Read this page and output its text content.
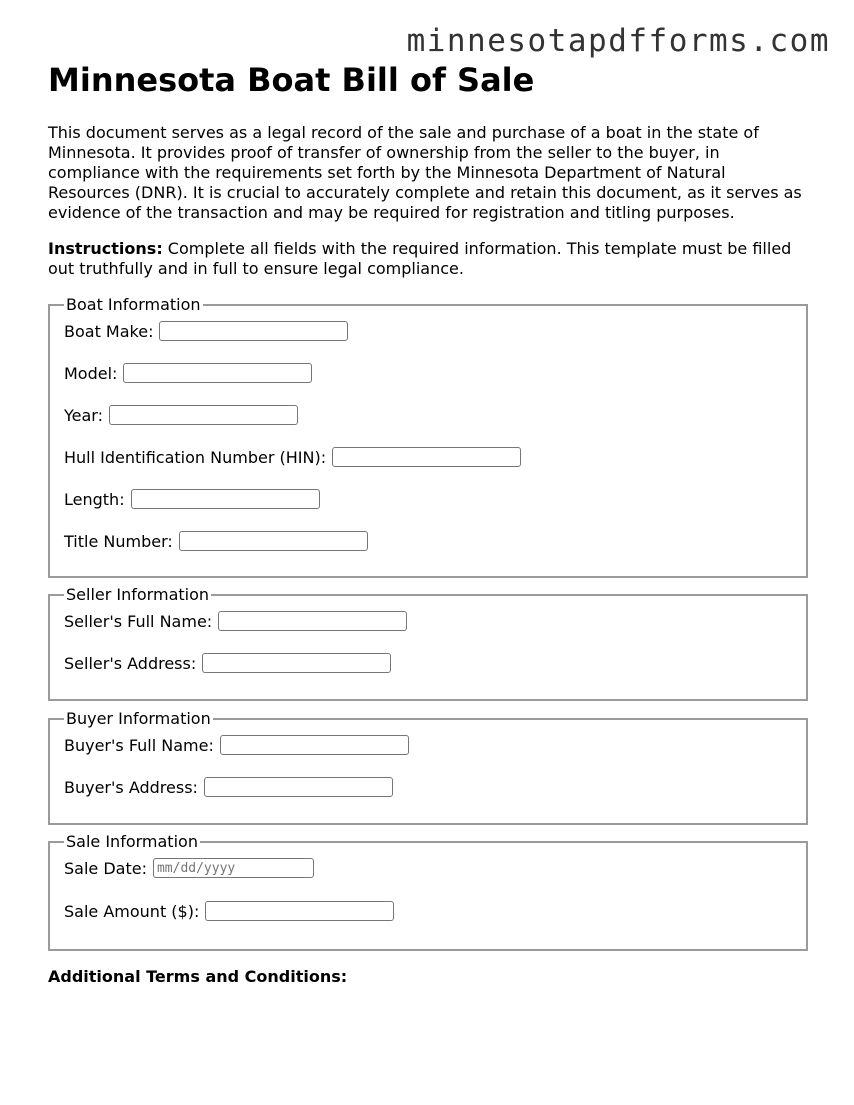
minnesotapdfforms.com
Minnesota Boat Bill of Sale

This document serves as a legal record of the sale and purchase of a boat in the state of Minnesota. It provides proof of transfer of ownership from the seller to the buyer, in compliance with the requirements set forth by the Minnesota Department of Natural Resources (DNR). It is crucial to accurately complete and retain this document, as it serves as evidence of the transaction and may be required for registration and titling purposes.

Instructions: Complete all fields with the required information. This template must be filled out truthfully and in full to ensure legal compliance.

Boat Information
Boat Make:
Model:
Year:
Hull Identification Number (HIN):
Length:
Title Number:
Seller Information
Seller's Full Name:
Seller's Address:
Buyer Information
Buyer's Full Name:
Buyer's Address:
Sale Information
Sale Date:
mm/dd/yyyy
Sale Amount ($):
Additional Terms and Conditions:
